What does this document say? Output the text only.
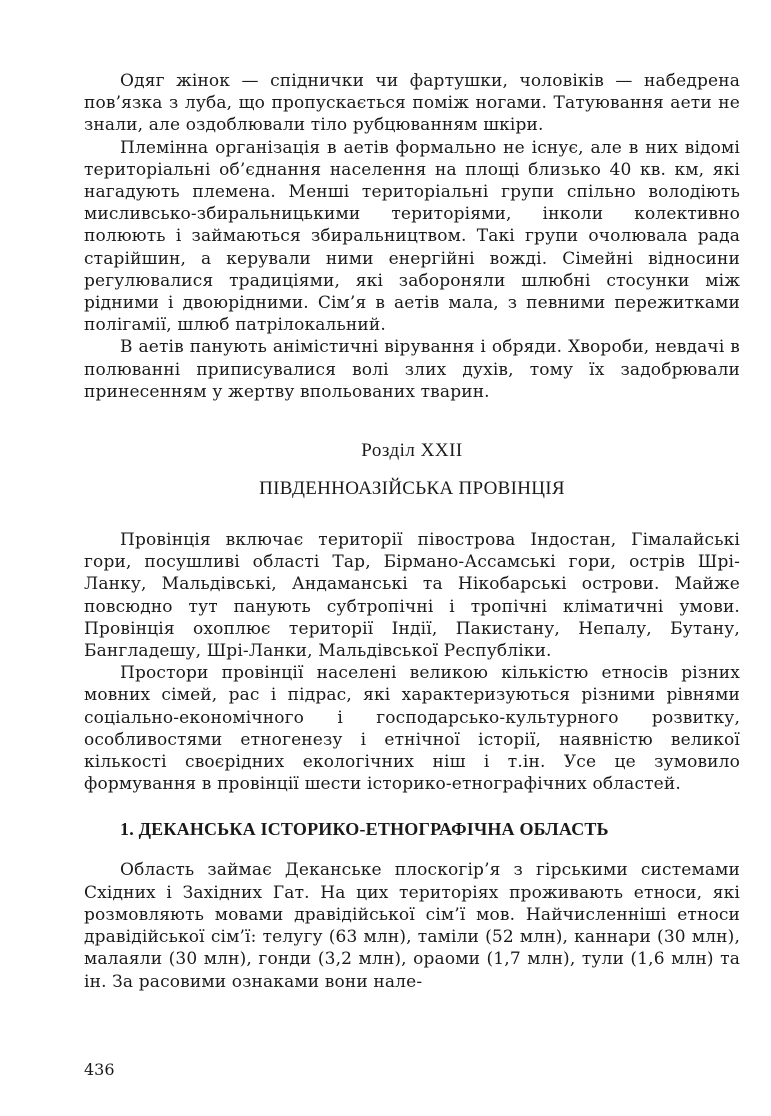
Одяг жінок — спіднички чи фартушки, чоловіків — набедрена пов’язка з луба, що пропускається поміж ногами. Татуювання аети не знали, але оздоблювали тіло рубцюванням шкіри.

Племінна організація в аетів формально не існує, але в них відомі територіальні об’єднання населення на площі близько 40 кв. км, які нагадують племена. Менші територіальні групи спільно володіють мисливсько-збиральницькими територіями, інколи колективно полюють і займаються збиральництвом. Такі групи очолювала рада старійшин, а керували ними енергійні вожді. Сімейні відносини регулювалися традиціями, які забороняли шлюбні стосунки між рідними і двоюрідними. Сім’я в аетів мала, з певними пережитками полігамії, шлюб патрілокальний.

В аетів панують анімістичні вірування і обряди. Хвороби, невдачі в полюванні приписувалися волі злих духів, тому їх задобрювали принесенням у жертву впольованих тварин.

Розділ XXII
ПІВДЕННОАЗІЙСЬКА ПРОВІНЦІЯ

Провінція включає території півострова Індостан, Гімалайські гори, посушливі області Тар, Бірмано-Ассамські гори, острів Шрі-Ланку, Мальдівські, Андаманські та Нікобарські острови. Майже повсюдно тут панують субтропічні і тропічні кліматичні умови. Провінція охоплює території Індії, Пакистану, Непалу, Бутану, Бангладешу, Шрі-Ланки, Мальдівської Республіки.

Простори провінції населені великою кількістю етносів різних мовних сімей, рас і підрас, які характеризуються різними рівнями соціально-економічного і господарсько-культурного розвитку, особливостями етногенезу і етнічної історії, наявністю великої кількості своєрідних екологічних ніш і т.ін. Усе це зумовило формування в провінції шести історико-етнографічних областей.

1. ДЕКАНСЬКА ІСТОРИКО-ЕТНОГРАФІЧНА ОБЛАСТЬ

Область займає Деканське плоскогір’я з гірськими системами Східних і Західних Гат. На цих територіях проживають етноси, які розмовляють мовами дравідійської сім’ї мов. Найчисленніші етноси дравідійської сім’ї: телугу (63 млн), таміли (52 млн), каннари (30 млн), малаяли (30 млн), гонди (3,2 млн), ораоми (1,7 млн), тули (1,6 млн) та ін. За расовими ознаками вони нале-

436
